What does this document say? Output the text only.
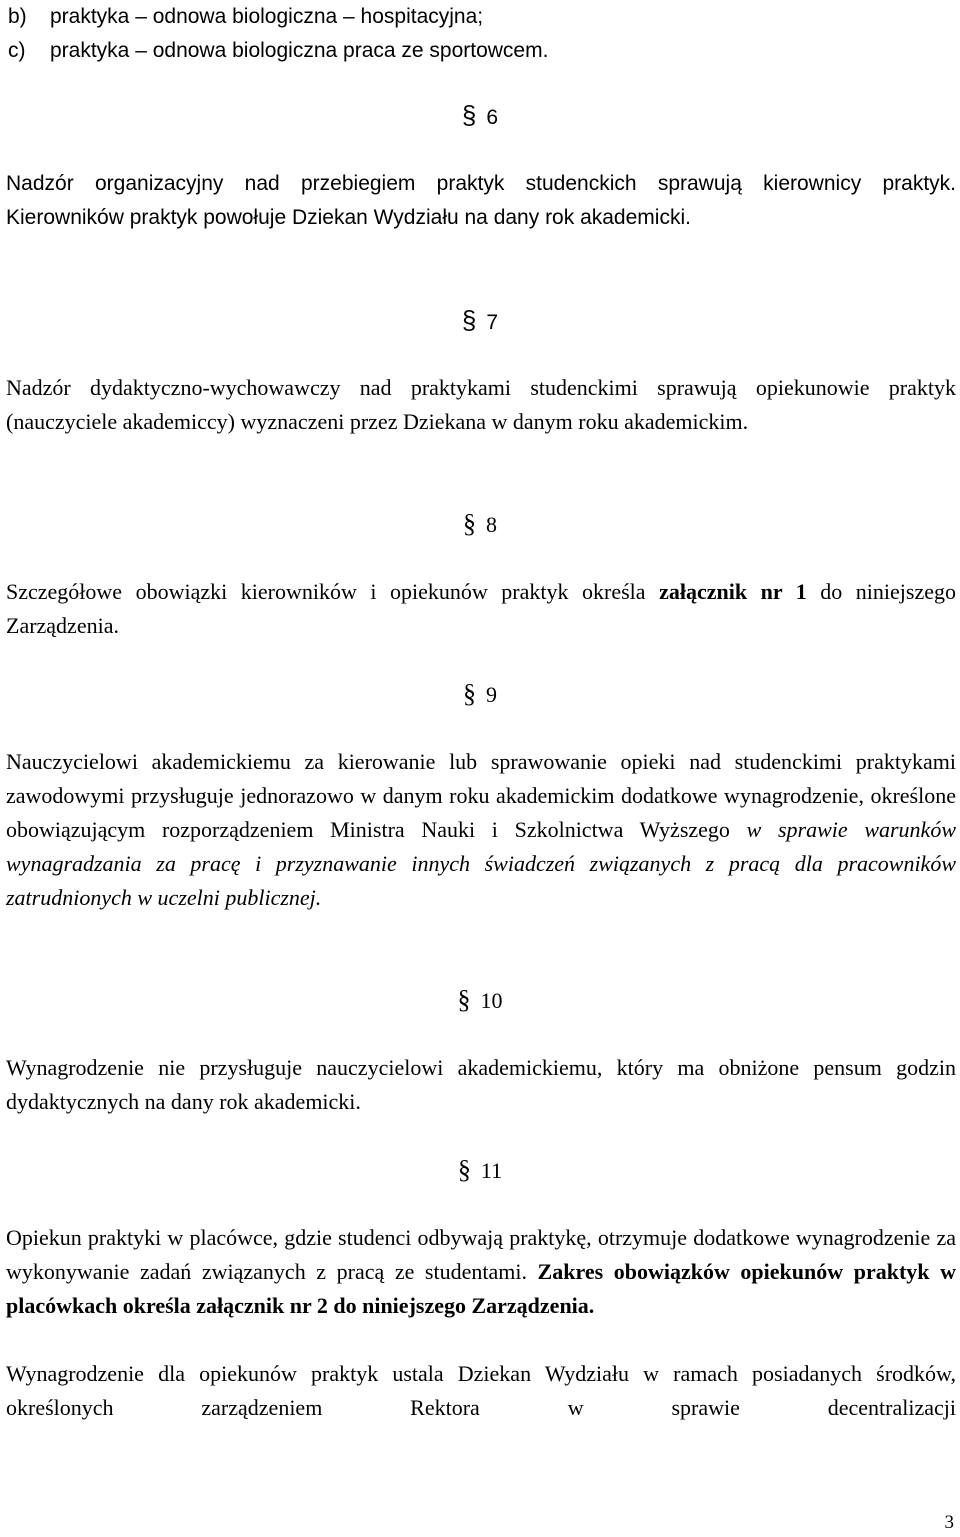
b) praktyka – odnowa biologiczna – hospitacyjna;
c) praktyka – odnowa biologiczna praca ze sportowcem.
§ 6
Nadzór organizacyjny nad przebiegiem praktyk studenckich sprawują kierownicy praktyk. Kierowników praktyk powołuje Dziekan Wydziału na dany rok akademicki.
§ 7
Nadzór dydaktyczno-wychowawczy nad praktykami studenckimi sprawują opiekunowie praktyk (nauczyciele akademiccy) wyznaczeni przez Dziekana w danym roku akademickim.
§ 8
Szczegółowe obowiązki kierowników i opiekunów praktyk określa załącznik nr 1 do niniejszego Zarządzenia.
§ 9
Nauczycielowi akademickiemu za kierowanie lub sprawowanie opieki nad studenckimi praktykami zawodowymi przysługuje jednorazowo w danym roku akademickim dodatkowe wynagrodzenie, określone obowiązującym rozporządzeniem Ministra Nauki i Szkolnictwa Wyższego w sprawie warunków wynagradzania za pracę i przyznawanie innych świadczeń związanych z pracą dla pracowników zatrudnionych w uczelni publicznej.
§ 10
Wynagrodzenie nie przysługuje nauczycielowi akademickiemu, który ma obniżone pensum godzin dydaktycznych na dany rok akademicki.
§ 11
Opiekun praktyki w placówce, gdzie studenci odbywają praktykę, otrzymuje dodatkowe wynagrodzenie za wykonywanie zadań związanych z pracą ze studentami. Zakres obowiązków opiekunów praktyk w placówkach określa załącznik nr 2 do niniejszego Zarządzenia.
Wynagrodzenie dla opiekunów praktyk ustala Dziekan Wydziału w ramach posiadanych środków, określonych zarządzeniem Rektora w sprawie decentralizacji
3
